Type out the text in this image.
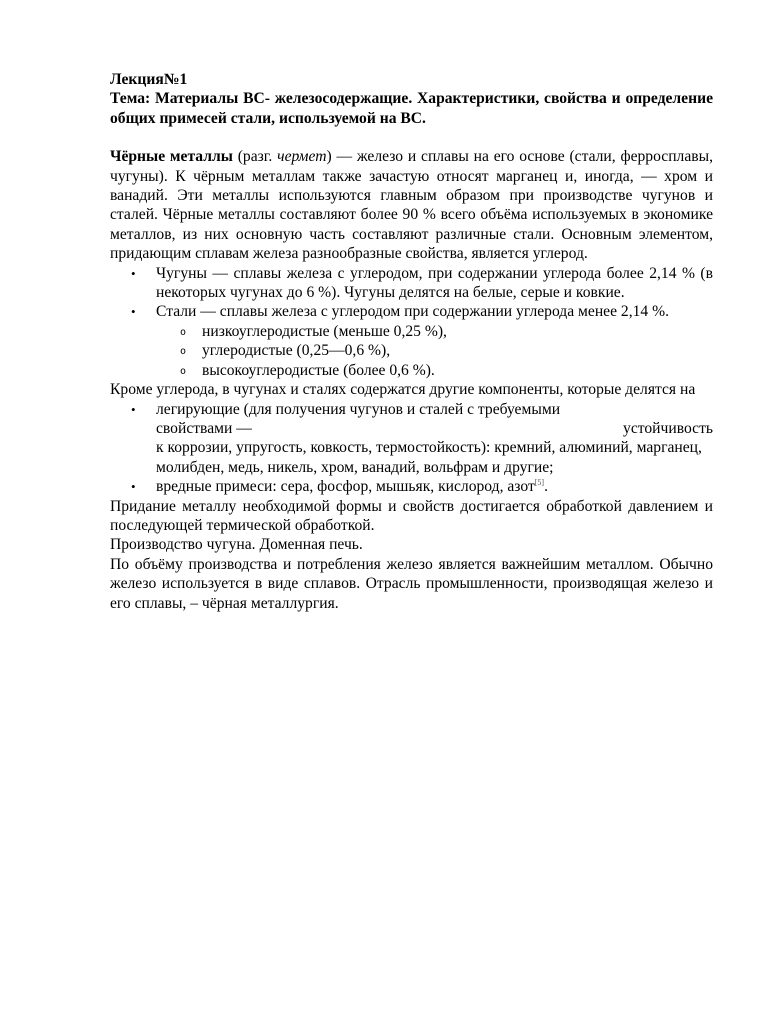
Лекция№1
Тема: Материалы ВС- железосодержащие. Характеристики, свойства и определение общих примесей стали, используемой на ВС.

Чёрные металлы (разг. чермет) — железо и сплавы на его основе (стали, ферросплавы, чугуны). К чёрным металлам также зачастую относят марганец и, иногда, — хром и ванадий. Эти металлы используются главным образом при производстве чугунов и сталей. Чёрные металлы составляют более 90 % всего объёма используемых в экономике металлов, из них основную часть составляют различные стали. Основным элементом, придающим сплавам железа разнообразные свойства, является углерод.

• Чугуны — сплавы железа с углеродом, при содержании углерода более 2,14 % (в некоторых чугунах до 6 %). Чугуны делятся на белые, серые и ковкие.
• Стали — сплавы железа с углеродом при содержании углерода менее 2,14 %.
o низкоуглеродистые (меньше 0,25 %),
o углеродистые (0,25—0,6 %),
o высокоуглеродистые (более 0,6 %).

Кроме углерода, в чугунах и сталях содержатся другие компоненты, которые делятся на

• легирующие (для получения чугунов и сталей с требуемыми
свойствами —	устойчивость
к коррозии, упругость, ковкость, термостойкость): кремний, алюминий, марганец, молибден, медь, никель, хром, ванадий, вольфрам и другие;
• вредные примеси: сера, фосфор, мышьяк, кислород, азот[5].

Придание металлу необходимой формы и свойств достигается обработкой давлением и последующей термической обработкой.

Производство чугуна. Доменная печь.

По объёму производства и потребления железо является важнейшим металлом. Обычно железо используется в виде сплавов. Отрасль промышленности, производящая железо и его сплавы, – чёрная металлургия.
